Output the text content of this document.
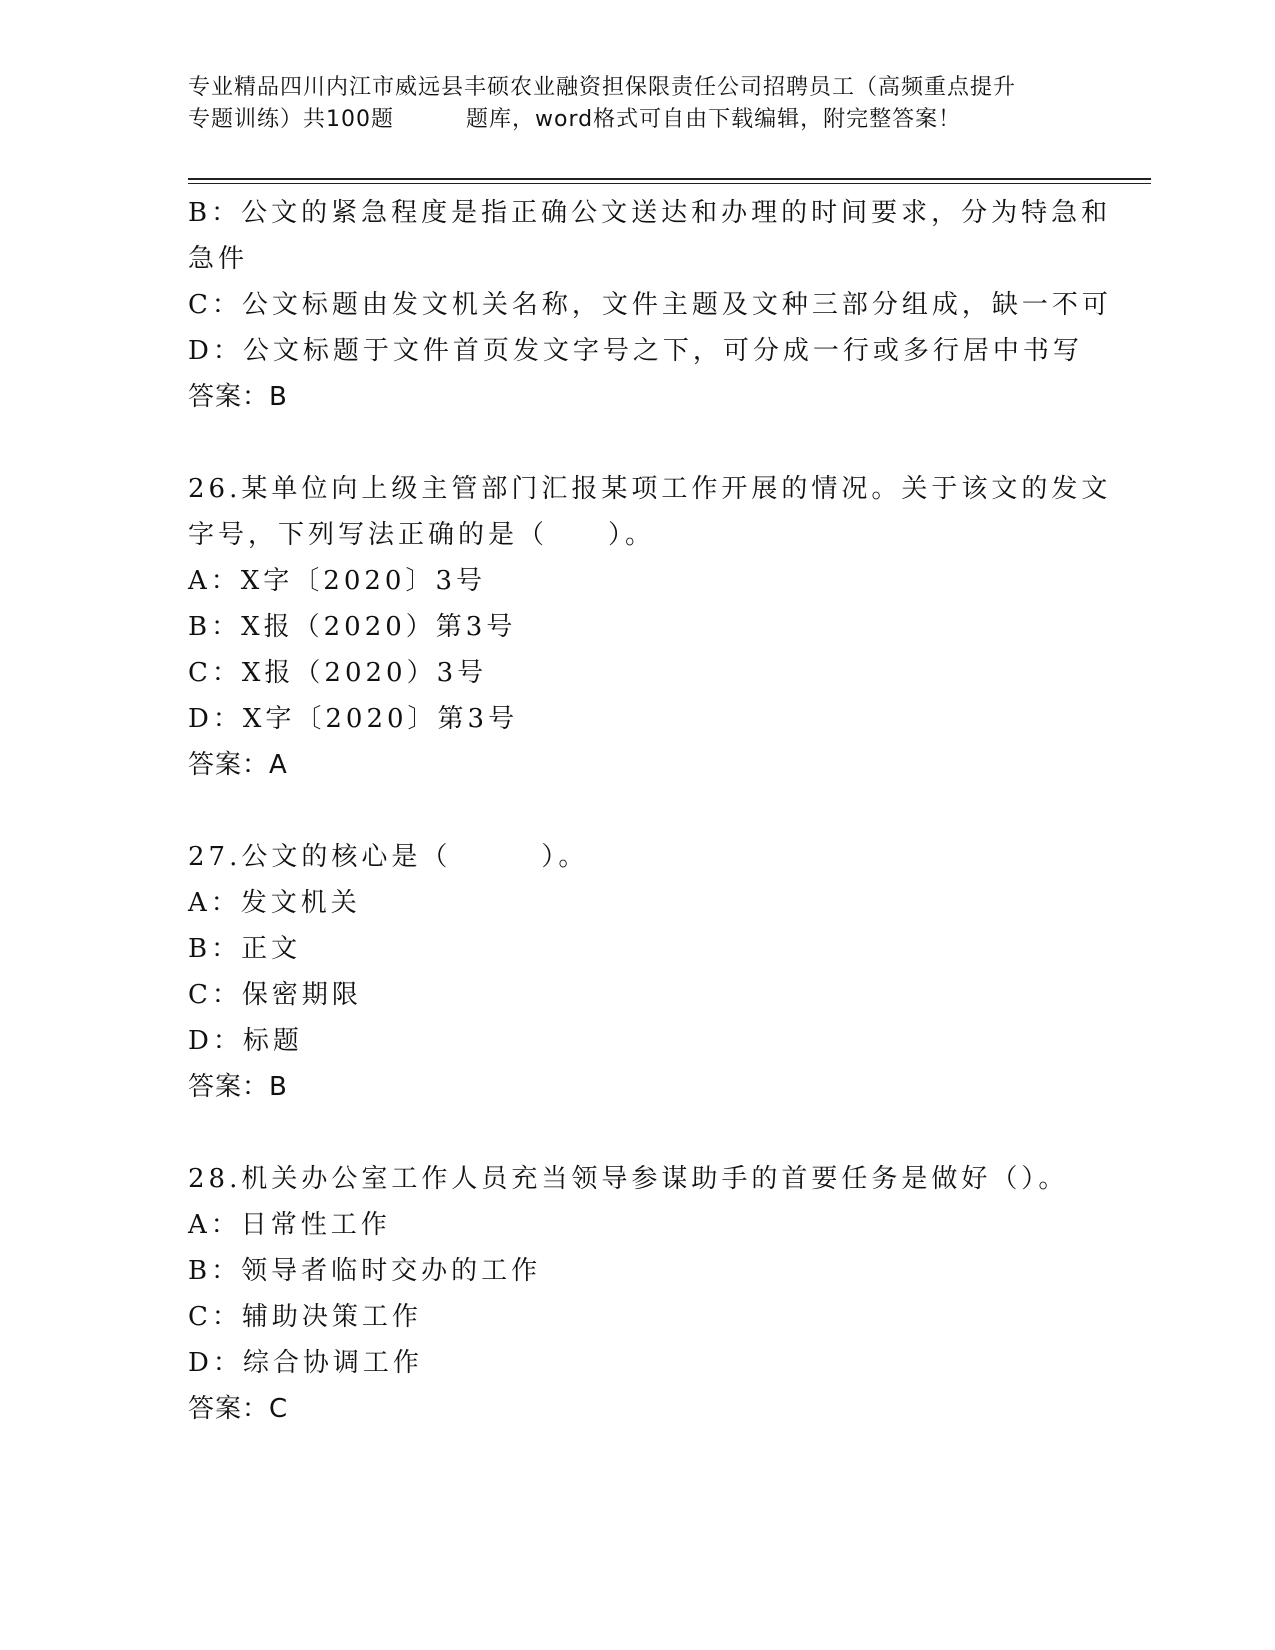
专业精品四川内江市威远县丰硕农业融资担保限责任公司招聘员工（高频重点提升
专题训练）共100题	题库，word格式可自由下载编辑，附完整答案！
B：公文的紧急程度是指正确公文送达和办理的时间要求，分为特急和
急件
C：公文标题由发文机关名称，文件主题及文种三部分组成，缺一不可
D：公文标题于文件首页发文字号之下，可分成一行或多行居中书写
答案：B
26.某单位向上级主管部门汇报某项工作开展的情况。关于该文的发文
字号，下列写法正确的是（　　）。
A：X字〔2020〕3号
B：X报（2020）第3号
C：X报（2020）3号
D：X字〔2020〕第3号
答案：A
27.公文的核心是（　　　）。
A：发文机关
B：正文
C：保密期限
D：标题
答案：B
28.机关办公室工作人员充当领导参谋助手的首要任务是做好（）。
A：日常性工作
B：领导者临时交办的工作
C：辅助决策工作
D：综合协调工作
答案：C
